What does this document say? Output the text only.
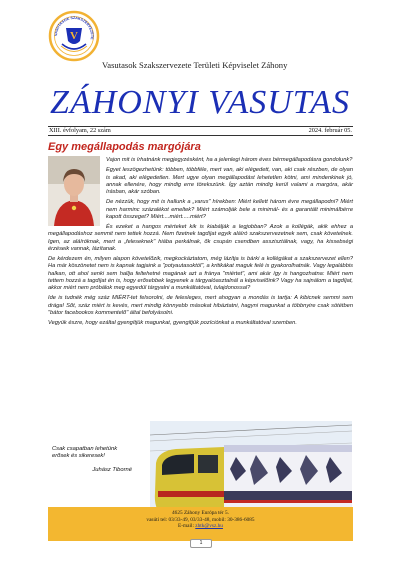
VASUTASOK SZAKSZERVEZETE
V
Vasutasok Szakszervezete Területi Képviselet Záhony
ZÁHONYI VASUTAS
XIII. évfolyam, 22 szám	2024. február 05.
Egy megállapodás margójára

Vajon mit is írhatnánk megjegyzésként, ha a jelenlegi három éves bérmegállapodásra gondolunk?

Egyet leszögezhetünk: többen, többféle, mert van, aki elégedett, van, aki csak részben, de olyan is akad, aki elégedetlen. Mert ugye olyan megállapodást lehetetlen kötni, ami mindenkinek jó, annak ellenére, hogy mindig erre törekszünk. Így aztán mindig kerül valami a margóra, akár írásban, akár szóban.

De nézzük, hogy mit is hallunk a „varus" hírekben: Miért kellett három évre megállapodni? Miért nem harminc százalékot emeltek? Miért számolják bele a minimál- és a garantált minimálbérre kapott összeget? Miért....miért.....miért?

És ezeket a hangos mérteket kik is kiabálják a legjobban? Azok a kollégák, akik ehhez a megállapodáshoz semmit nem tettek hozzá. Nem fizetnek tagdíjat egyik aláíró szakszervezetnek sem, csak követelnek. Igen, az aláíróknak, mert a „feleseknek" hiába perkálnak, ők csupán csendben asszisztálnak, vagy, ha kissebségi érzéseik vannak, lázítanak.

De kérdezem én, milyen alapon követelőzik, megkockáztatom, még lázítja is bárki a kollégákat a szakszervezet ellen? Ha már köszönetet nem is kapnak tagjaink a "potyautasoktól", a kritikákat maguk felé is gyakorolhatnák. Vagy legalábbis halkan, ott ahol senki sem hallja feltehetné magának azt a fránya "miértet", ami akár így is hangozhatna: Miért nem tettem hozzá a tagdíjat én is, hogy erősebbek legyenek a tárgyalóasztalnál a képviselőink? Vagy ha sajnálom a tagdíjat, akkor miért nem próbálok meg egyedül tárgyalni a munkáltatóval, tulajdonossal?

Ide is tudnék még száz MIÉRT-tet felsorolni, de felesleges, mert ahogyan a mondás is tartja: A kibicnek semmi sem drága! Sőt, száz miért is kevés, mert mindig könnyebb másokat hibáztatni, hagyni magunkat a többnyire csak sötétben "bátor facebookos kommentelő" által befolyásolni.

Vegyük észre, hogy ezáltal gyengítjük magunkat, gyengítjük pozíciónkat a munkáltatóval szemben.

Csak csapatban lehetünk erősek és sikeresek!
Juhász Tiborné
4625 Záhony Európa tér 5.
vasúti tel: 03/33-49, 03/33-48, mobil: 30-386-6085
E-mail: zhtk@vsz.hu
1
